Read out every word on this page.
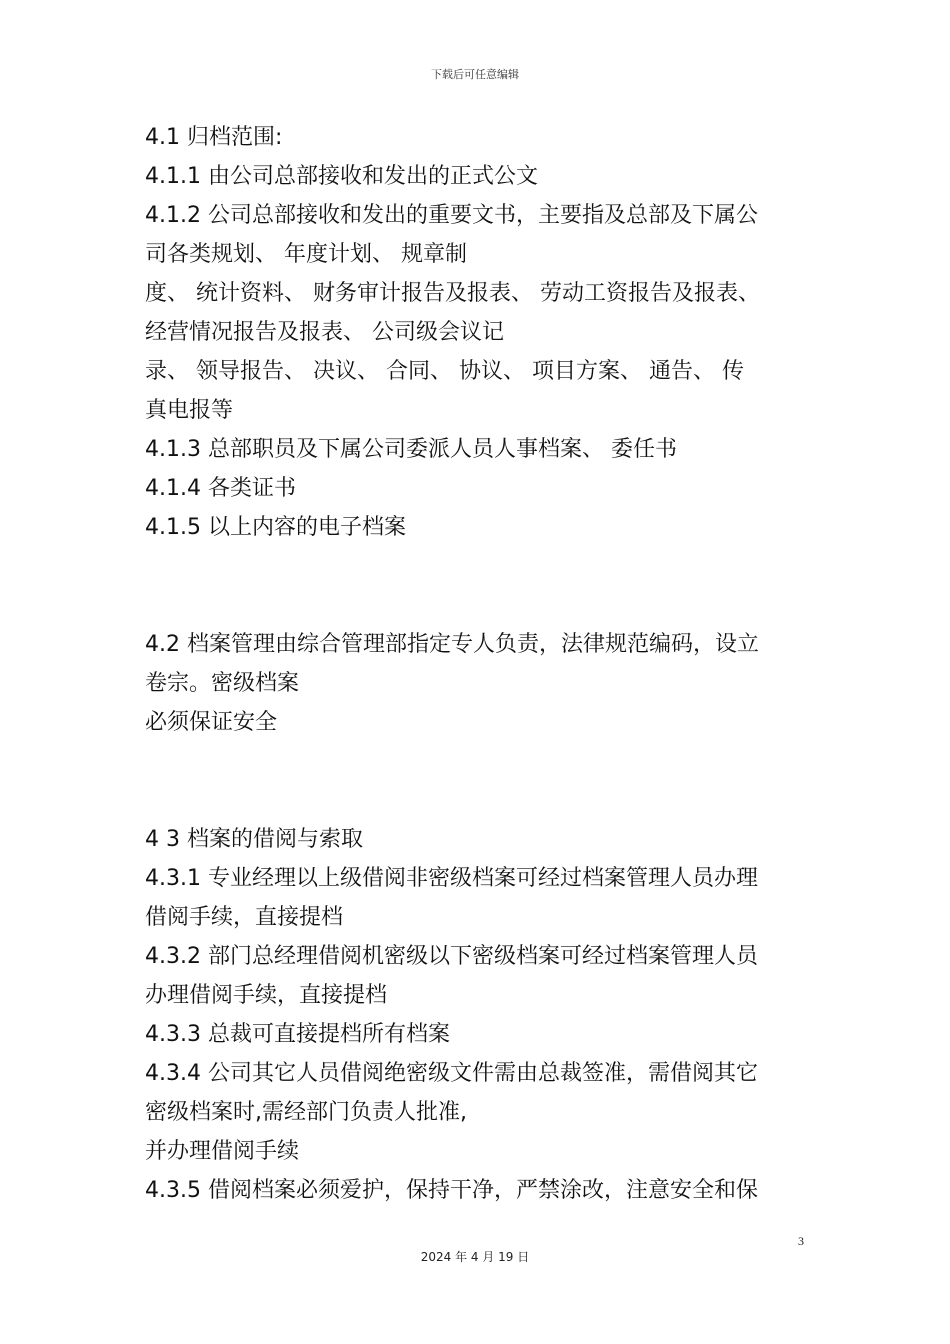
下载后可任意编辑
4.1 归档范围:
4.1.1 由公司总部接收和发出的正式公文
4.1.2 公司总部接收和发出的重要文书，主要指及总部及下属公
司各类规划、 年度计划、 规章制
度、 统计资料、 财务审计报告及报表、 劳动工资报告及报表、
经营情况报告及报表、 公司级会议记
录、 领导报告、 决议、 合同、 协议、 项目方案、 通告、 传
真电报等
4.1.3 总部职员及下属公司委派人员人事档案、 委任书
4.1.4 各类证书
4.1.5 以上内容的电子档案
4.2 档案管理由综合管理部指定专人负责，法律规范编码，设立
卷宗。密级档案
必须保证安全
4 3 档案的借阅与索取
4.3.1 专业经理以上级借阅非密级档案可经过档案管理人员办理
借阅手续，直接提档
4.3.2 部门总经理借阅机密级以下密级档案可经过档案管理人员
办理借阅手续，直接提档
4.3.3 总裁可直接提档所有档案
4.3.4 公司其它人员借阅绝密级文件需由总裁签准，需借阅其它
密级档案时,需经部门负责人批准,
并办理借阅手续
4.3.5 借阅档案必须爱护，保持干净，严禁涂改，注意安全和保
3
2024 年 4 月 19 日
